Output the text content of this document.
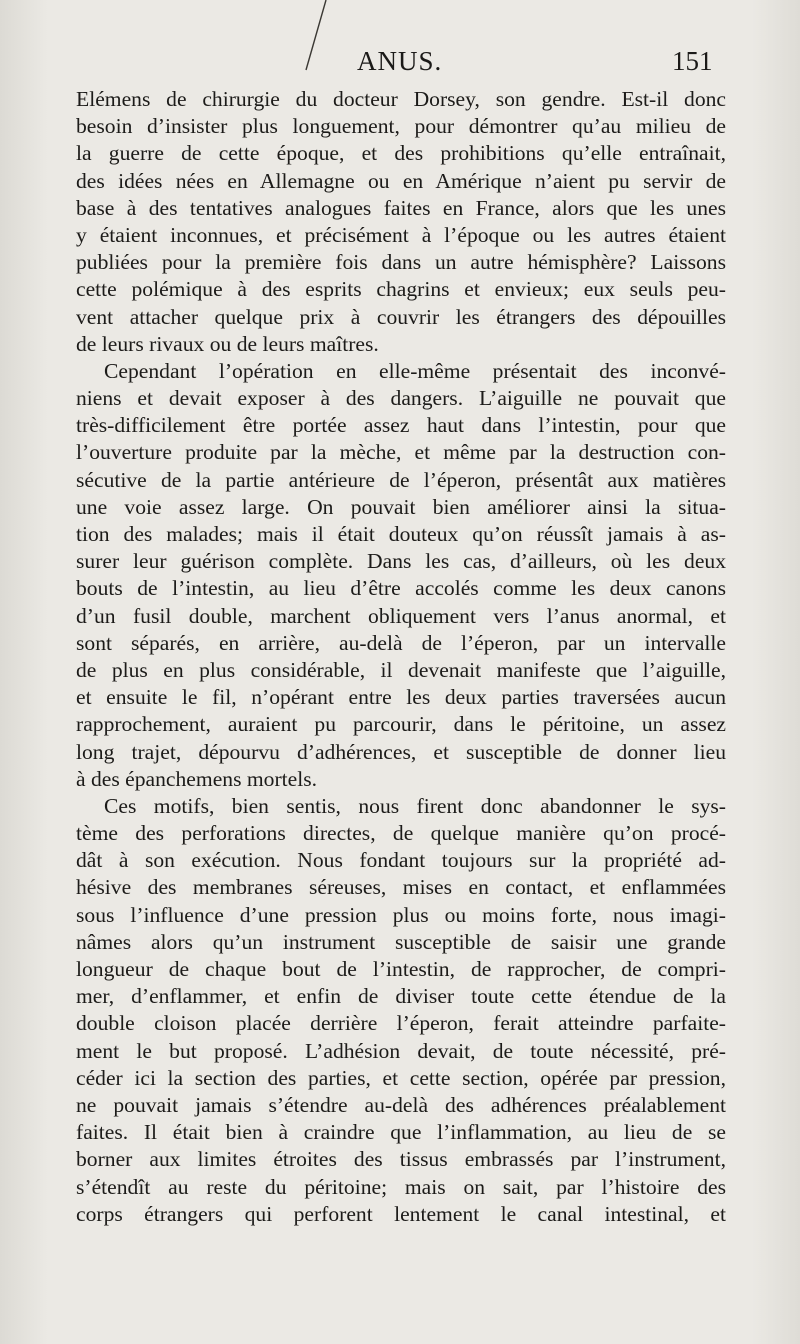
ANUS.	151
Elémens de chirurgie du docteur Dorsey, son gendre. Est-il donc
besoin d’insister plus longuement, pour démontrer qu’au milieu de
la guerre de cette époque, et des prohibitions qu’elle entraînait,
des idées nées en Allemagne ou en Amérique n’aient pu servir de
base à des tentatives analogues faites en France, alors que les unes
y étaient inconnues, et précisément à l’époque ou les autres étaient
publiées pour la première fois dans un autre hémisphère? Laissons
cette polémique à des esprits chagrins et envieux; eux seuls peu-
vent attacher quelque prix à couvrir les étrangers des dépouilles
de leurs rivaux ou de leurs maîtres.
Cependant l’opération en elle-même présentait des inconvé-
niens et devait exposer à des dangers. L’aiguille ne pouvait que
très-difficilement être portée assez haut dans l’intestin, pour que
l’ouverture produite par la mèche, et même par la destruction con-
sécutive de la partie antérieure de l’éperon, présentât aux matières
une voie assez large. On pouvait bien améliorer ainsi la situa-
tion des malades; mais il était douteux qu’on réussît jamais à as-
surer leur guérison complète. Dans les cas, d’ailleurs, où les deux
bouts de l’intestin, au lieu d’être accolés comme les deux canons
d’un fusil double, marchent obliquement vers l’anus anormal, et
sont séparés, en arrière, au-delà de l’éperon, par un intervalle
de plus en plus considérable, il devenait manifeste que l’aiguille,
et ensuite le fil, n’opérant entre les deux parties traversées aucun
rapprochement, auraient pu parcourir, dans le péritoine, un assez
long trajet, dépourvu d’adhérences, et susceptible de donner lieu
à des épanchemens mortels.
Ces motifs, bien sentis, nous firent donc abandonner le sys-
tème des perforations directes, de quelque manière qu’on procé-
dât à son exécution. Nous fondant toujours sur la propriété ad-
hésive des membranes séreuses, mises en contact, et enflammées
sous l’influence d’une pression plus ou moins forte, nous imagi-
nâmes alors qu’un instrument susceptible de saisir une grande
longueur de chaque bout de l’intestin, de rapprocher, de compri-
mer, d’enflammer, et enfin de diviser toute cette étendue de la
double cloison placée derrière l’éperon, ferait atteindre parfaite-
ment le but proposé. L’adhésion devait, de toute nécessité, pré-
céder ici la section des parties, et cette section, opérée par pression,
ne pouvait jamais s’étendre au-delà des adhérences préalablement
faites. Il était bien à craindre que l’inflammation, au lieu de se
borner aux limites étroites des tissus embrassés par l’instrument,
s’étendît au reste du péritoine; mais on sait, par l’histoire des
corps étrangers qui perforent lentement le canal intestinal, et
